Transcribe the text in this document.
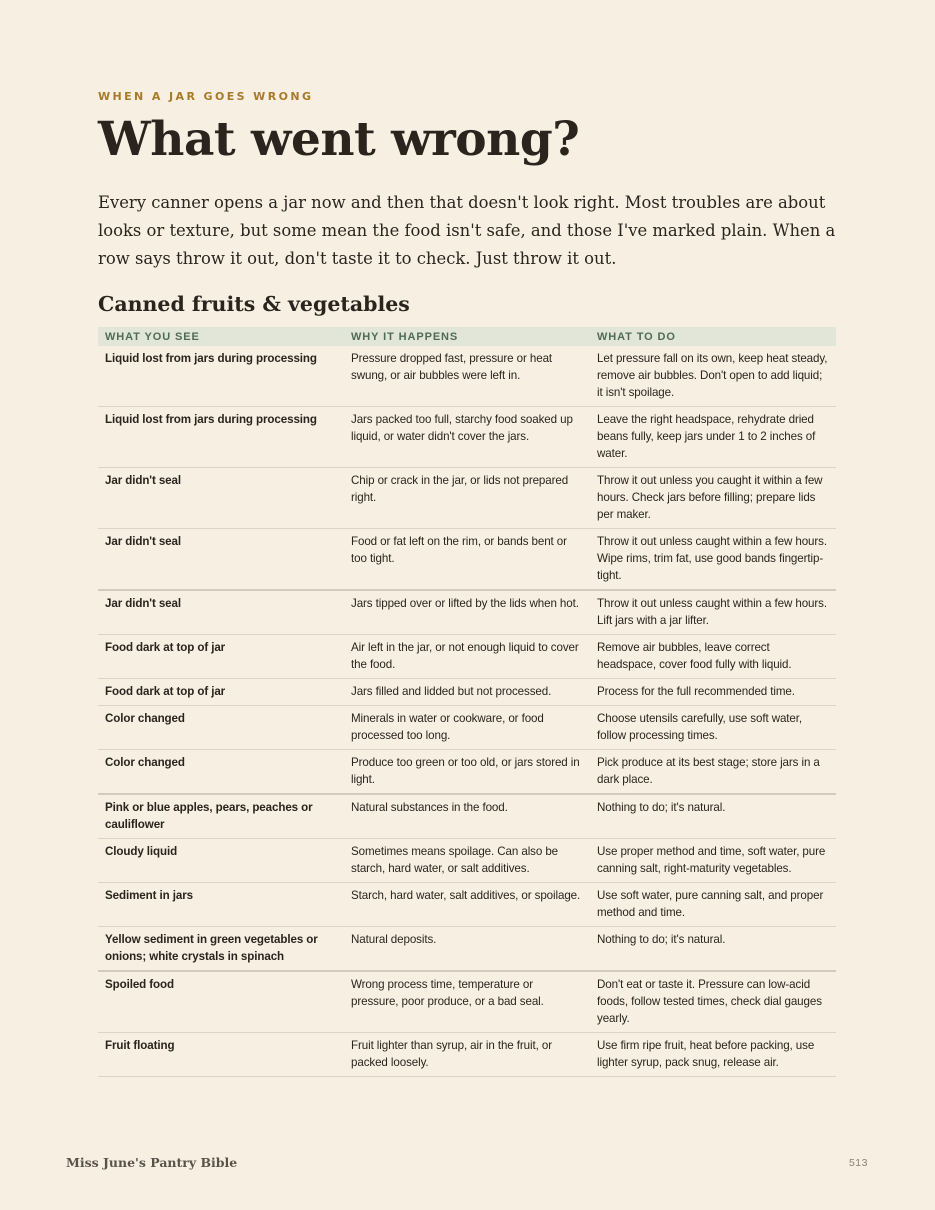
WHEN A JAR GOES WRONG
What went wrong?

Every canner opens a jar now and then that doesn't look right. Most troubles are about looks or texture, but some mean the food isn't safe, and those I've marked plain. When a row says throw it out, don't taste it to check. Just throw it out.

Canned fruits & vegetables
WHAT YOU SEE	WHY IT HAPPENS	WHAT TO DO
Liquid lost from jars during processing	Pressure dropped fast, pressure or heat swung, or air bubbles were left in.	Let pressure fall on its own, keep heat steady, remove air bubbles. Don't open to add liquid; it isn't spoilage.
Liquid lost from jars during processing	Jars packed too full, starchy food soaked up liquid, or water didn't cover the jars.	Leave the right headspace, rehydrate dried beans fully, keep jars under 1 to 2 inches of water.
Jar didn't seal	Chip or crack in the jar, or lids not prepared right.	Throw it out unless you caught it within a few hours. Check jars before filling; prepare lids per maker.
Jar didn't seal	Food or fat left on the rim, or bands bent or too tight.	Throw it out unless caught within a few hours. Wipe rims, trim fat, use good bands fingertip-tight.
Jar didn't seal	Jars tipped over or lifted by the lids when hot.	Throw it out unless caught within a few hours. Lift jars with a jar lifter.
Food dark at top of jar	Air left in the jar, or not enough liquid to cover the food.	Remove air bubbles, leave correct headspace, cover food fully with liquid.
Food dark at top of jar	Jars filled and lidded but not processed.	Process for the full recommended time.
Color changed	Minerals in water or cookware, or food processed too long.	Choose utensils carefully, use soft water, follow processing times.
Color changed	Produce too green or too old, or jars stored in light.	Pick produce at its best stage; store jars in a dark place.
Pink or blue apples, pears, peaches or cauliflower	Natural substances in the food.	Nothing to do; it's natural.
Cloudy liquid	Sometimes means spoilage. Can also be starch, hard water, or salt additives.	Use proper method and time, soft water, pure canning salt, right-maturity vegetables.
Sediment in jars	Starch, hard water, salt additives, or spoilage.	Use soft water, pure canning salt, and proper method and time.
Yellow sediment in green vegetables or onions; white crystals in spinach	Natural deposits.	Nothing to do; it's natural.
Spoiled food	Wrong process time, temperature or pressure, poor produce, or a bad seal.	Don't eat or taste it. Pressure can low-acid foods, follow tested times, check dial gauges yearly.
Fruit floating	Fruit lighter than syrup, air in the fruit, or packed loosely.	Use firm ripe fruit, heat before packing, use lighter syrup, pack snug, release air.
Miss June's Pantry Bible	513
